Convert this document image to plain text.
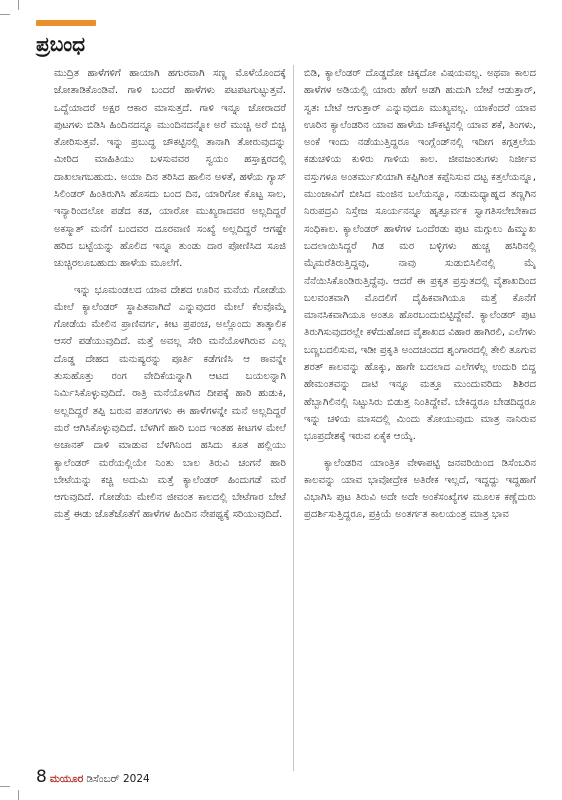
ಪ್ರಬಂಧ

ಮುದ್ರಿತ ಹಾಳೆಗಳಿಗೆ ಹಾಯಾಗಿ ಹಗುರವಾಗಿ ಸಣ್ಣ ಮೊಳೆಯೊಂದಕ್ಕೆ ಜೋತಾಡಿಕೊಂಡಿವೆ. ಗಾಳಿ ಬಂದರೆ ಹಾಳೆಗಳು ಪಟಪಟಗುಟ್ಟುತ್ತವೆ. ಒದ್ದೆಯಾದರೆ ಅಕ್ಷರ ಆಕಾರ ಮಾಸುತ್ತದೆ. ಗಾಳಿ ಇನ್ನೂ ಜೋರಾದರೆ ಪುಟಗಳು ಬಿಡಿಸಿ ಹಿಂದಿನದನ್ನೂ ಮುಂದಿನದನ್ನೋ ಅರೆ ಮುಚ್ಚಿ ಅರೆ ಬಿಚ್ಚಿ ತೋರಿಸುತ್ತವೆ. ಇನ್ನು ಪ್ರಬುದ್ಧ ಚೌಕಟ್ಟಿನಲ್ಲಿ ತಾನಾಗಿ ತೋರುವುದನ್ನು ಮೀರಿದ ಮಾಹಿತಿಯು ಬಳಸುವವರ ಸ್ವಯಂ ಹಸ್ತಾಕ್ಷರದಲ್ಲಿ ದಾಖಲಾಗಬಹುದು. ಅಯಾ ದಿನ ತರಿಸಿದ ಹಾಲಿನ ಅಳತೆ, ಹಳೆಯ ಗ್ಯಾಸ್ ಸಿಲಿಂಡರ್ ಹಿಂತಿರುಗಿಸಿ ಹೊಸದು ಬಂದ ದಿನ, ಯಾರಿಗೋ ಕೊಟ್ಟ ಸಾಲ, ಇನ್ಯಾರಿಂದಲೋ ಪಡೆದ ಕಡ, ಯಾರೋ ಮುಖ್ಯರಾದವರ ಅಲ್ಲದಿದ್ದರೆ ಅಕಸ್ಮಾತ್ ಮನೆಗೆ ಬಂದವರ ದೂರವಾಣಿ ಸಂಖ್ಯೆ ಅಲ್ಲದಿದ್ದರೆ ಆಗಷ್ಟೇ ಹರಿದ ಬಟ್ಟೆಯನ್ನು ಹೊಲಿದ ಇನ್ನೂ ತುಂಡು ದಾರ ಪೋಣಿಸಿದ ಸೂಜಿ ಚುಚ್ಚಿರಲೂಬಹುದು ಹಾಳೆಯ ಮೂಲೆಗೆ.

ಇನ್ನು ಭೂಮಂಡಲದ ಯಾವ ದೇಶದ ಊರಿನ ಮನೆಯ ಗೋಡೆಯ ಮೇಲೆ ಕ್ಯಾಲೆಂಡರ್ ಸ್ಥಾಪಿತವಾಗಿದೆ ಎನ್ನುವುದರ ಮೇಲೆ ಕೆಲವೊಮ್ಮೆ ಗೋಡೆಯ ಮೇಲಿನ ಪ್ರಾಣಿವರ್ಗ, ಕೀಟ ಪ್ರಪಂಚ, ಅಲ್ಲೊಂದು ತಾತ್ಕಾಲಿಕ ಆಸರೆ ಪಡೆಯುವುದಿದೆ. ಮತ್ತೆ ಅವಲ್ಲ ಸೇರಿ ಮನೆಯೊಳಗಿರುವ ಎಲ್ಲ ದೊಡ್ಡ ದೇಹದ ಮನುಷ್ಯರನ್ನು ಪೂರ್ತಿ ಕಡೆಗಣಿಸಿ ಆ ಠಾವನ್ನೇ ತುಸುಹೊತ್ತು ರಂಗ ವೇದಿಕೆಯನ್ನಾಗಿ ಆಟದ ಬಯಲನ್ನಾಗಿ ನಿರ್ಮಿಸಿಕೊಳ್ಳುವುದಿದೆ. ರಾತ್ರಿ ಮನೆಯೊಳಗಿನ ದೀಪಕ್ಕೆ ಹಾರಿ ಹುಡುಕಿ, ಅಲ್ಲದಿದ್ದರೆ ತಪ್ಪಿ ಬರುವ ಪತಂಗಗಳು ಈ ಹಾಳೆಗಳನ್ನೇ ಮನೆ ಅಲ್ಲದಿದ್ದರೆ ಮರೆ ಆಗಿಸಿಕೊಳ್ಳುವುದಿದೆ. ಬೆಳಗಿಗೆ ಹಾರಿ ಬಂದ ಇಂತಹ ಕೀಟಗಳ ಮೇಲೆ ಅಚಾನಕ್ ದಾಳಿ ಮಾಡುವ ಬೆಳಗಿನಿಂದ ಹಸಿದು ಕೂತ ಹಲ್ಲಿಯು ಕ್ಯಾಲೆಂಡರ್ ಮರೆಯಲ್ಲಿಯೇ ನಿಂತು ಬಾಲ ತಿರುವಿ ಚಂಗನೆ ಹಾರಿ ಬೇಟೆಯನ್ನು ಕಚ್ಚಿ ಅದುಮಿ ಮತ್ತೆ ಕ್ಯಾಲೆಂಡರ್ ಹಿಂದುಗಡೆ ಮರೆ ಆಗುವುದಿದೆ. ಗೋಡೆಯ ಮೇಲಿನ ಜೀವಂತ ಕಾಲದಲ್ಲಿ ಬೇಟೆಗಾರ ಬೇಟೆ ಮತ್ತೆ ಈಡು ಜೊತೆಜೊತೆಗೆ ಹಾಳೆಗಳ ಹಿಂದಿನ ನೇಪಥ್ಯಕ್ಕೆ ಸರಿಯುವುದಿದೆ.

ಬಿಡಿ, ಕ್ಯಾಲೆಂಡರ್ ದೊಡ್ಡದೋ ಚಿಕ್ಕದೋ ವಿಷಯವಲ್ಲ. ಅಥವಾ ಕಾಲದ ಹಾಳೆಗಳ ಅಡಿಯಲ್ಲಿ ಯಾರು ಹೇಗೆ ಅಡಗಿ ಹುದುಗಿ ಬೇಟೆ ಆಡುತ್ತಾರ್, ಸ್ವತಃ ಬೇಟೆ ಆಗುತ್ತಾರ್ ಎನ್ನುವುದೂ ಮುಖ್ಯವಲ್ಲ. ಯಾಕೆಂದರೆ ಯಾವ ಊರಿನ ಕ್ಯಾಲೆಂಡರಿನ ಯಾವ ಹಾಳೆಯ ಚೌಕಟ್ಟಿನಲ್ಲಿ ಯಾವ ಶಕೆ, ತಿಂಗಳು, ಅಂಕೆ ಇಂದು ನಡೆಯುತ್ತಿದ್ದರೂ ಇಂಗ್ಲೆಂಡ್‌ನಲ್ಲಿ ಇದೀಗ ಕಗ್ಗತ್ತಲೆಯ ಕಡುಚಳಿಯ ಕುಳಿರು ಗಾಳಿಯ ಕಾಲ. ಜೀವಜಂತುಗಳು ನಿರ್ಜೀವ ವಸ್ತುಗಳೂ ಅಂತರ್ಮುಖಿಯಾಗಿ ಕಪ್ಪಿಗಿಂತ ಕಪ್ಪೆನಿಸುವ ದಟ್ಟ ಕತ್ತಲೆಯನ್ನೂ, ಮುಂಜಾವಿಗೆ ಬೀಸಿದ ಮಂಜಿನ ಬಲೆಯನ್ನೂ, ನಡುಮಧ್ಯಾಹ್ನದ ತಣ್ಣಗಿನ ನಿರುಪದ್ರವಿ ನಿಸ್ತೇಜ ಸೂರ್ಯನನ್ನೂ ಹೃತ್ಪೂರ್ವಕ ಸ್ವಾಗತಿಸಲೇಬೇಕಾದ ಸಂಧಿಕಾಲ. ಕ್ಯಾಲೆಂಡರ್ ಹಾಳೆಗಳ ಒಂದೆರಡು ಪುಟ ಮಗ್ಗುಲು ಹಿಮ್ಮುಖ ಬದಲಾಯಿಸಿದ್ದರೆ ಗಿಡ ಮರ ಬಳ್ಳಿಗಳು ಹುಚ್ಚ ಹಸಿರಿನಲ್ಲಿ ಮೈಮರೆತಿರುತ್ತಿದ್ದವು, ನಾವು ಸುಡುಬಿಸಿಲಿನಲ್ಲಿ ಮೈ ನೆನೆಯಿಸಿಕೊಂಡಿರುತ್ತಿದ್ದೆವು. ಆದರೆ ಈ ಪ್ರಕೃತ ಪ್ರಸ್ತುತದಲ್ಲಿ ವೈಶಾಖದಿಂದ ಬಲವಂತವಾಗಿ ಮೊದಲಿಗೆ ದೈಹಿಕವಾಗಿಯೂ ಮತ್ತೆ ಕೊನೆಗೆ ಮಾನಸಿಕವಾಗಿಯೂ ಅಂತೂ ಹೊರಬಂದುಬಿಟ್ಟಿದ್ದೇವೆ. ಕ್ಯಾಲೆಂಡರ್ ಪುಟ ತಿರುಗಿಸುವುದರಲ್ಲೇ ಕಳೆದುಹೋದ ವೈಶಾಖದ ವಿಹಾರ ಹಾಗಿರಲಿ, ಎಲೆಗಳು ಬಣ್ಣಬದಲಿಸುವ, ಇಡೀ ಪ್ರಕೃತಿ ಅಂದಚಂದದ ಶೃಂಗಾರದಲ್ಲಿ ತೇಲಿ ತೂಗುವ ಶರತ್ ಕಾಲವನ್ನು ಹೊಕ್ಕು, ಹಾಗೇ ಬದಲಾದ ಎಲೆಗಳೆಲ್ಲ ಉದುರಿ ಬಿದ್ದ ಹೇಮಂತವನ್ನು ದಾಟಿ ಇನ್ನೂ ಮತ್ತೂ ಮುಂದುವರಿದು ಶಿಶಿರದ ಹೆಬ್ಬಾಗಿಲಿನಲ್ಲಿ ನಿಟ್ಟುಸಿರು ಬಿಡುತ್ತ ನಿಂತಿದ್ದೇವೆ. ಬೇಕಿದ್ದರೂ ಬೇಡದಿದ್ದರೂ ಇನ್ನು ಚಳಿಯ ಮಾಸದಲ್ಲಿ ಮಿಂದು ತೋಯುವುದು ಮಾತ್ರ ನಾನಿರುವ ಭೂಪ್ರದೇಶಕ್ಕೆ ಇರುವ ಏಕೈಕ ಆಯ್ಕೆ.

ಕ್ಯಾಲೆಂಡರಿನ ಯಾಂತ್ರಿಕ ವೇಳಾಪಟ್ಟಿ ಜನವರಿಯಿಂದ ಡಿಸೆಂಬರಿನ ಕಾಲವನ್ನು ಯಾವ ಭಾವೋದ್ರೇಕ ಅತಿರೇಕ ಇಲ್ಲದೆ, ಇದ್ದದ್ದು ಇದ್ದಹಾಗೆ ವಿಭಾಗಿಸಿ ಪುಟ ತಿರುವಿ ಅದೇ ಅದೇ ಅಂಕೆಸಂಖ್ಯೆಗಳ ಮೂಲಕ ಕಣ್ಣೆದುರು ಪ್ರದರ್ಶಿಸುತ್ತಿದ್ದರೂ, ಪ್ರಕ್ರಿಯೆ ಅಂತರ್ಗತ ಕಾಲಯಂತ್ರ ಮಾತ್ರ ಭಾವ

8 ಮಯೂರ ಡಿಸೆಂಬರ್ 2024
